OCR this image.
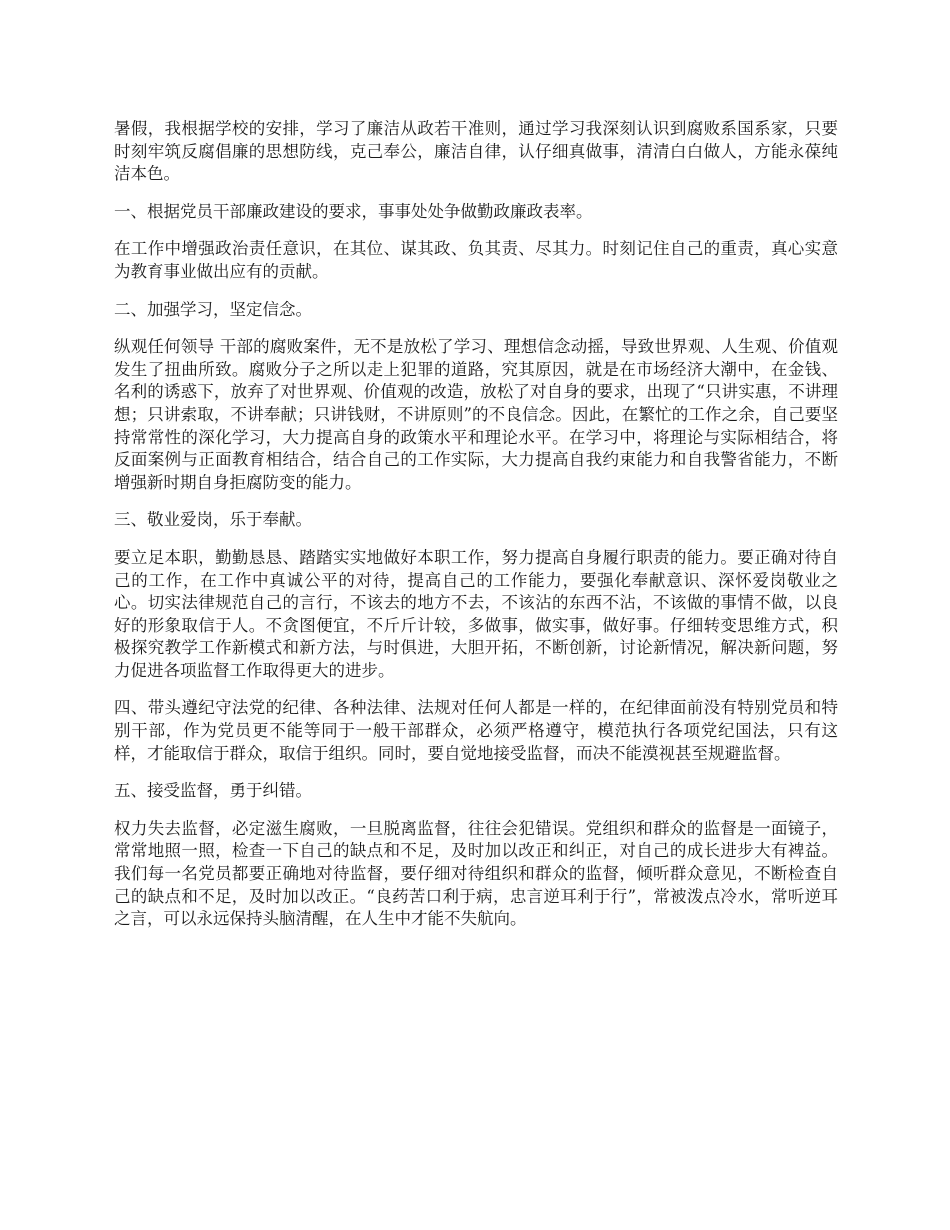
暑假，我根据学校的安排，学习了廉洁从政若干准则，通过学习我深刻认识到腐败系国系家，只要时刻牢筑反腐倡廉的思想防线，克己奉公，廉洁自律，认仔细真做事，清清白白做人，方能永葆纯洁本色。

一、根据党员干部廉政建设的要求，事事处处争做勤政廉政表率。

在工作中增强政治责任意识，在其位、谋其政、负其责、尽其力。时刻记住自己的重责，真心实意为教育事业做出应有的贡献。

二、加强学习，坚定信念。

纵观任何领导 干部的腐败案件，无不是放松了学习、理想信念动摇，导致世界观、人生观、价值观发生了扭曲所致。腐败分子之所以走上犯罪的道路，究其原因，就是在市场经济大潮中，在金钱、名利的诱惑下，放弃了对世界观、价值观的改造，放松了对自身的要求，出现了“只讲实惠，不讲理想；只讲索取，不讲奉献；只讲钱财，不讲原则”的不良信念。因此，在繁忙的工作之余，自己要坚持常常性的深化学习，大力提高自身的政策水平和理论水平。在学习中，将理论与实际相结合，将反面案例与正面教育相结合，结合自己的工作实际，大力提高自我约束能力和自我警省能力，不断增强新时期自身拒腐防变的能力。

三、敬业爱岗，乐于奉献。

要立足本职，勤勤恳恳、踏踏实实地做好本职工作，努力提高自身履行职责的能力。要正确对待自己的工作，在工作中真诚公平的对待，提高自己的工作能力，要强化奉献意识、深怀爱岗敬业之心。切实法律规范自己的言行，不该去的地方不去，不该沾的东西不沾，不该做的事情不做，以良好的形象取信于人。不贪图便宜，不斤斤计较，多做事，做实事，做好事。仔细转变思维方式，积极探究教学工作新模式和新方法，与时俱进，大胆开拓，不断创新，讨论新情况，解决新问题，努力促进各项监督工作取得更大的进步。

四、带头遵纪守法党的纪律、各种法律、法规对任何人都是一样的，在纪律面前没有特别党员和特别干部，作为党员更不能等同于一般干部群众，必须严格遵守，模范执行各项党纪国法，只有这样，才能取信于群众，取信于组织。同时，要自觉地接受监督，而决不能漠视甚至规避监督。

五、接受监督，勇于纠错。

权力失去监督，必定滋生腐败，一旦脱离监督，往往会犯错误。党组织和群众的监督是一面镜子，常常地照一照，检查一下自己的缺点和不足，及时加以改正和纠正，对自己的成长进步大有裨益。我们每一名党员都要正确地对待监督，要仔细对待组织和群众的监督，倾听群众意见，不断检查自己的缺点和不足，及时加以改正。“良药苦口利于病，忠言逆耳利于行”，常被泼点冷水，常听逆耳之言，可以永远保持头脑清醒，在人生中才能不失航向。
